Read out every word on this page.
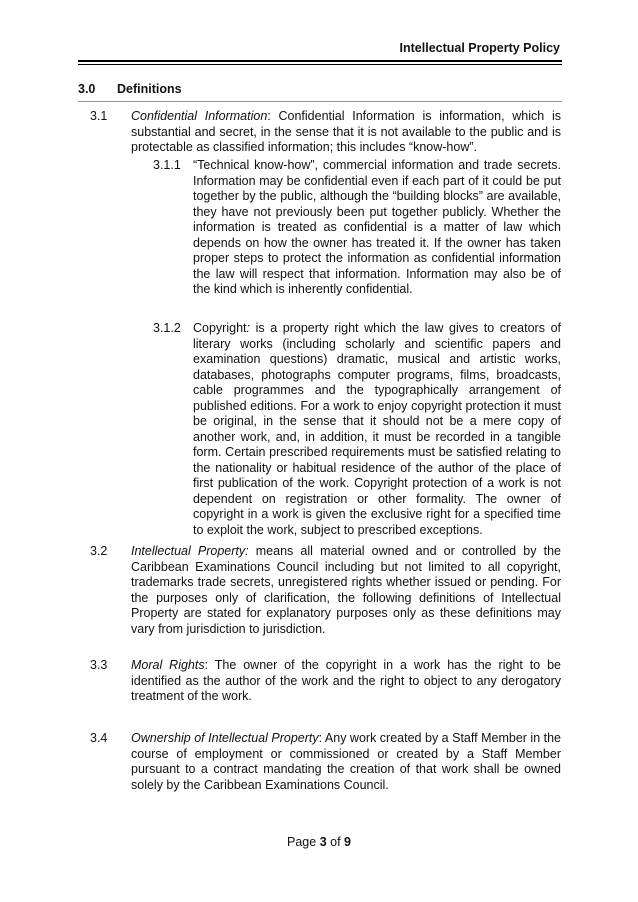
Intellectual Property Policy
3.0 Definitions
3.1 Confidential Information: Confidential Information is information, which is substantial and secret, in the sense that it is not available to the public and is protectable as classified information; this includes “know-how”.
3.1.1 “Technical know-how”, commercial information and trade secrets. Information may be confidential even if each part of it could be put together by the public, although the “building blocks” are available, they have not previously been put together publicly. Whether the information is treated as confidential is a matter of law which depends on how the owner has treated it. If the owner has taken proper steps to protect the information as confidential information the law will respect that information. Information may also be of the kind which is inherently confidential.
3.1.2 Copyright: is a property right which the law gives to creators of literary works (including scholarly and scientific papers and examination questions) dramatic, musical and artistic works, databases, photographs computer programs, films, broadcasts, cable programmes and the typographically arrangement of published editions. For a work to enjoy copyright protection it must be original, in the sense that it should not be a mere copy of another work, and, in addition, it must be recorded in a tangible form. Certain prescribed requirements must be satisfied relating to the nationality or habitual residence of the author of the place of first publication of the work. Copyright protection of a work is not dependent on registration or other formality. The owner of copyright in a work is given the exclusive right for a specified time to exploit the work, subject to prescribed exceptions.
3.2 Intellectual Property: means all material owned and or controlled by the Caribbean Examinations Council including but not limited to all copyright, trademarks trade secrets, unregistered rights whether issued or pending. For the purposes only of clarification, the following definitions of Intellectual Property are stated for explanatory purposes only as these definitions may vary from jurisdiction to jurisdiction.
3.3 Moral Rights: The owner of the copyright in a work has the right to be identified as the author of the work and the right to object to any derogatory treatment of the work.
3.4 Ownership of Intellectual Property: Any work created by a Staff Member in the course of employment or commissioned or created by a Staff Member pursuant to a contract mandating the creation of that work shall be owned solely by the Caribbean Examinations Council.
Page 3 of 9
